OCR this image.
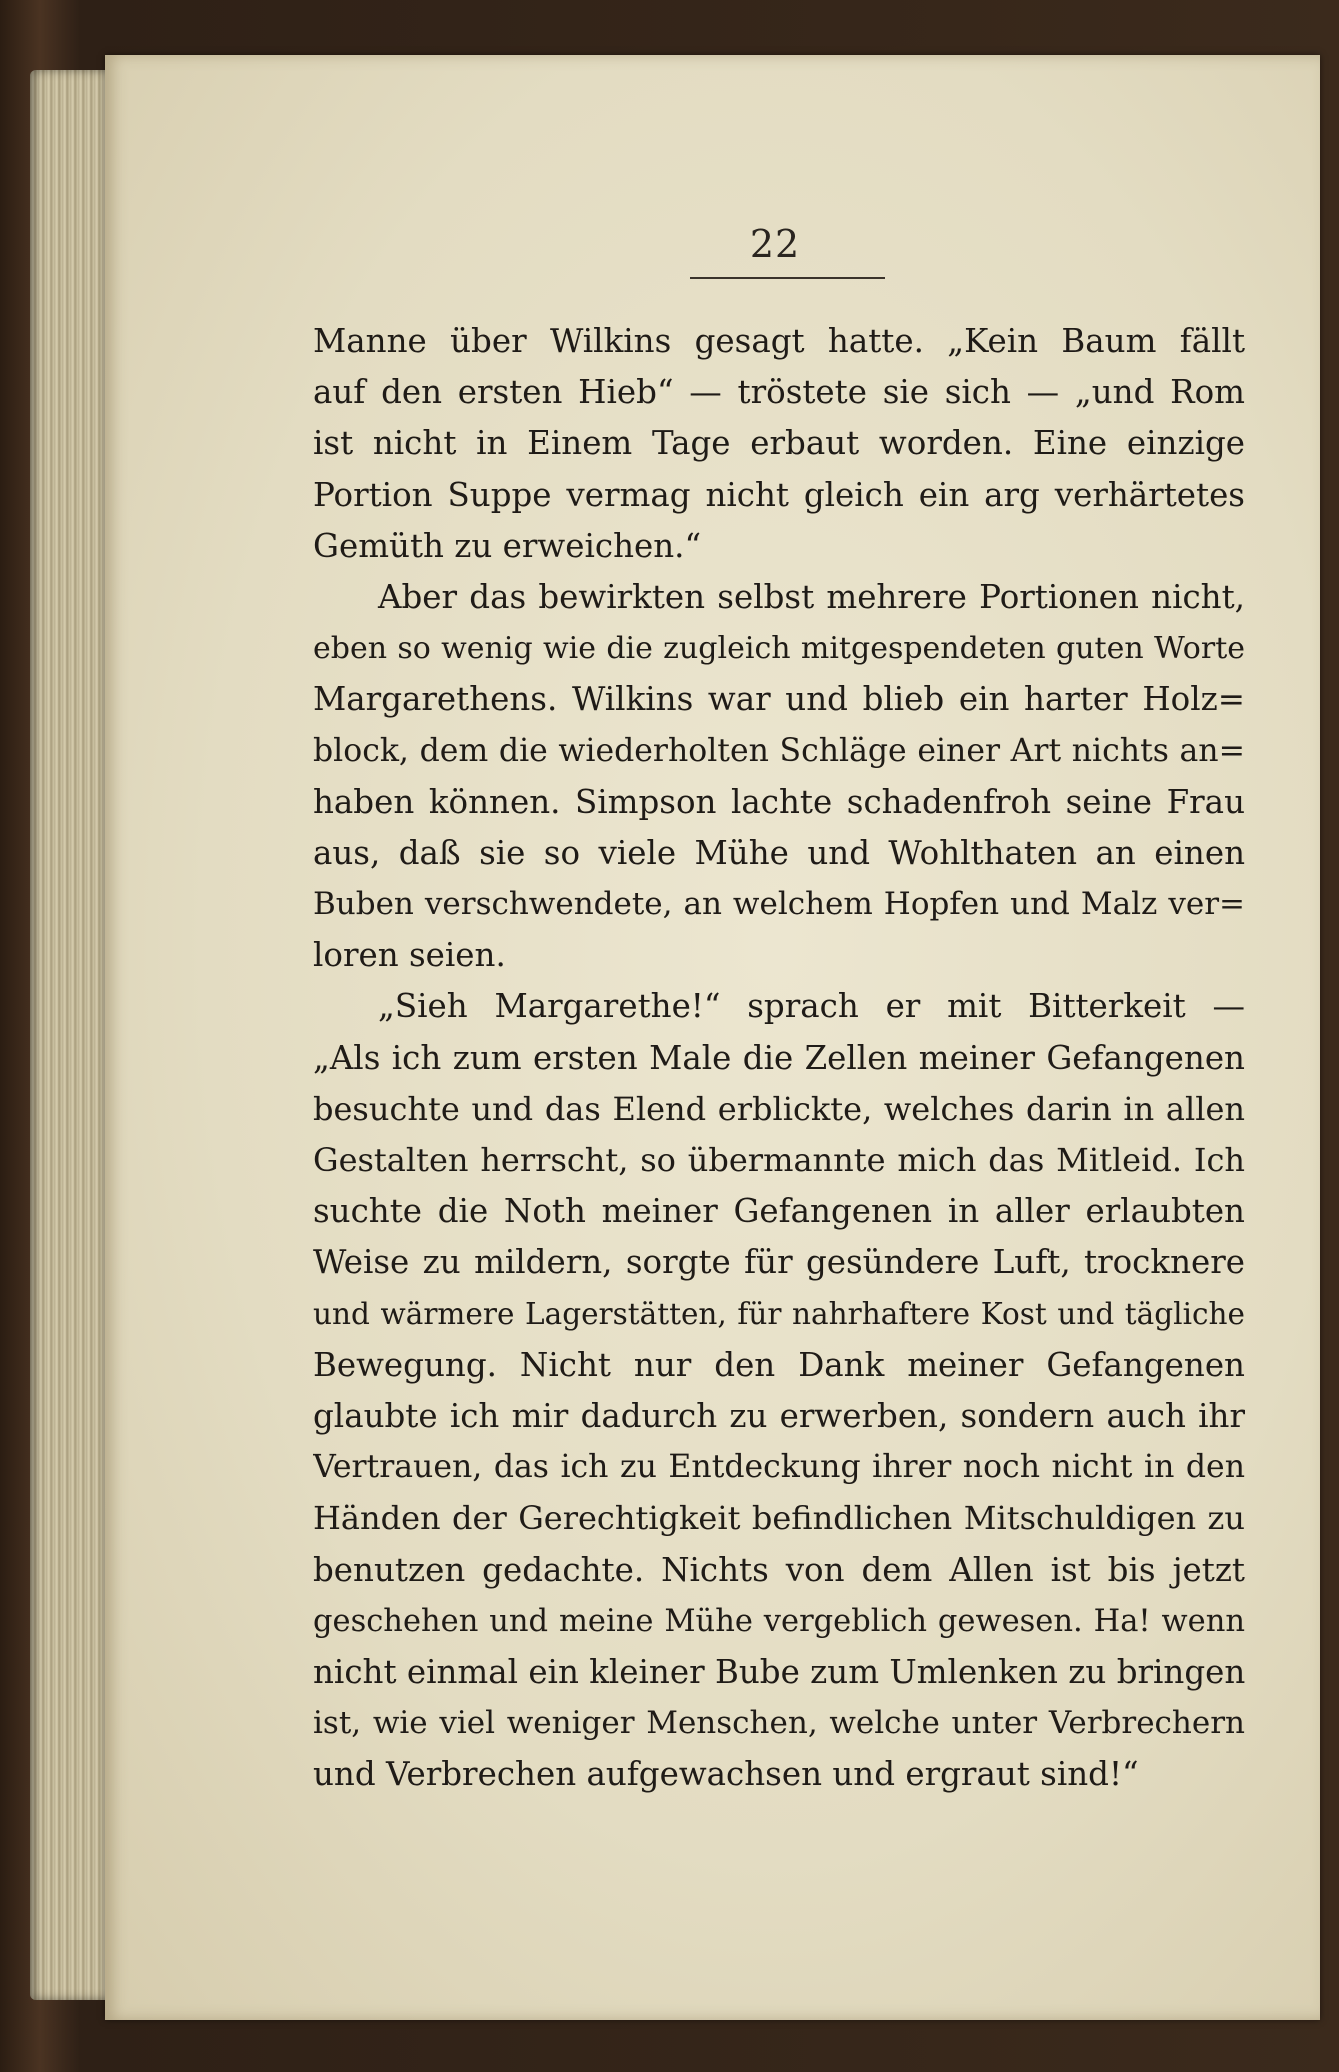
22
Manne über Wilkins gesagt hatte. „Kein Baum fällt
auf den ersten Hieb“ — tröstete sie sich — „und Rom
ist nicht in Einem Tage erbaut worden. Eine einzige
Portion Suppe vermag nicht gleich ein arg verhärtetes
Gemüth zu erweichen.“
Aber das bewirkten selbst mehrere Portionen nicht,
eben so wenig wie die zugleich mitgespendeten guten Worte
Margarethens. Wilkins war und blieb ein harter Holz=
block, dem die wiederholten Schläge einer Art nichts an=
haben können. Simpson lachte schadenfroh seine Frau
aus, daß sie so viele Mühe und Wohlthaten an einen
Buben verschwendete, an welchem Hopfen und Malz ver=
loren seien.
„Sieh Margarethe!“ sprach er mit Bitterkeit —
„Als ich zum ersten Male die Zellen meiner Gefangenen
besuchte und das Elend erblickte, welches darin in allen
Gestalten herrscht, so übermannte mich das Mitleid. Ich
suchte die Noth meiner Gefangenen in aller erlaubten
Weise zu mildern, sorgte für gesündere Luft, trocknere
und wärmere Lagerstätten, für nahrhaftere Kost und tägliche
Bewegung. Nicht nur den Dank meiner Gefangenen
glaubte ich mir dadurch zu erwerben, sondern auch ihr
Vertrauen, das ich zu Entdeckung ihrer noch nicht in den
Händen der Gerechtigkeit befindlichen Mitschuldigen zu
benutzen gedachte. Nichts von dem Allen ist bis jetzt
geschehen und meine Mühe vergeblich gewesen. Ha! wenn
nicht einmal ein kleiner Bube zum Umlenken zu bringen
ist, wie viel weniger Menschen, welche unter Verbrechern
und Verbrechen aufgewachsen und ergraut sind!“
